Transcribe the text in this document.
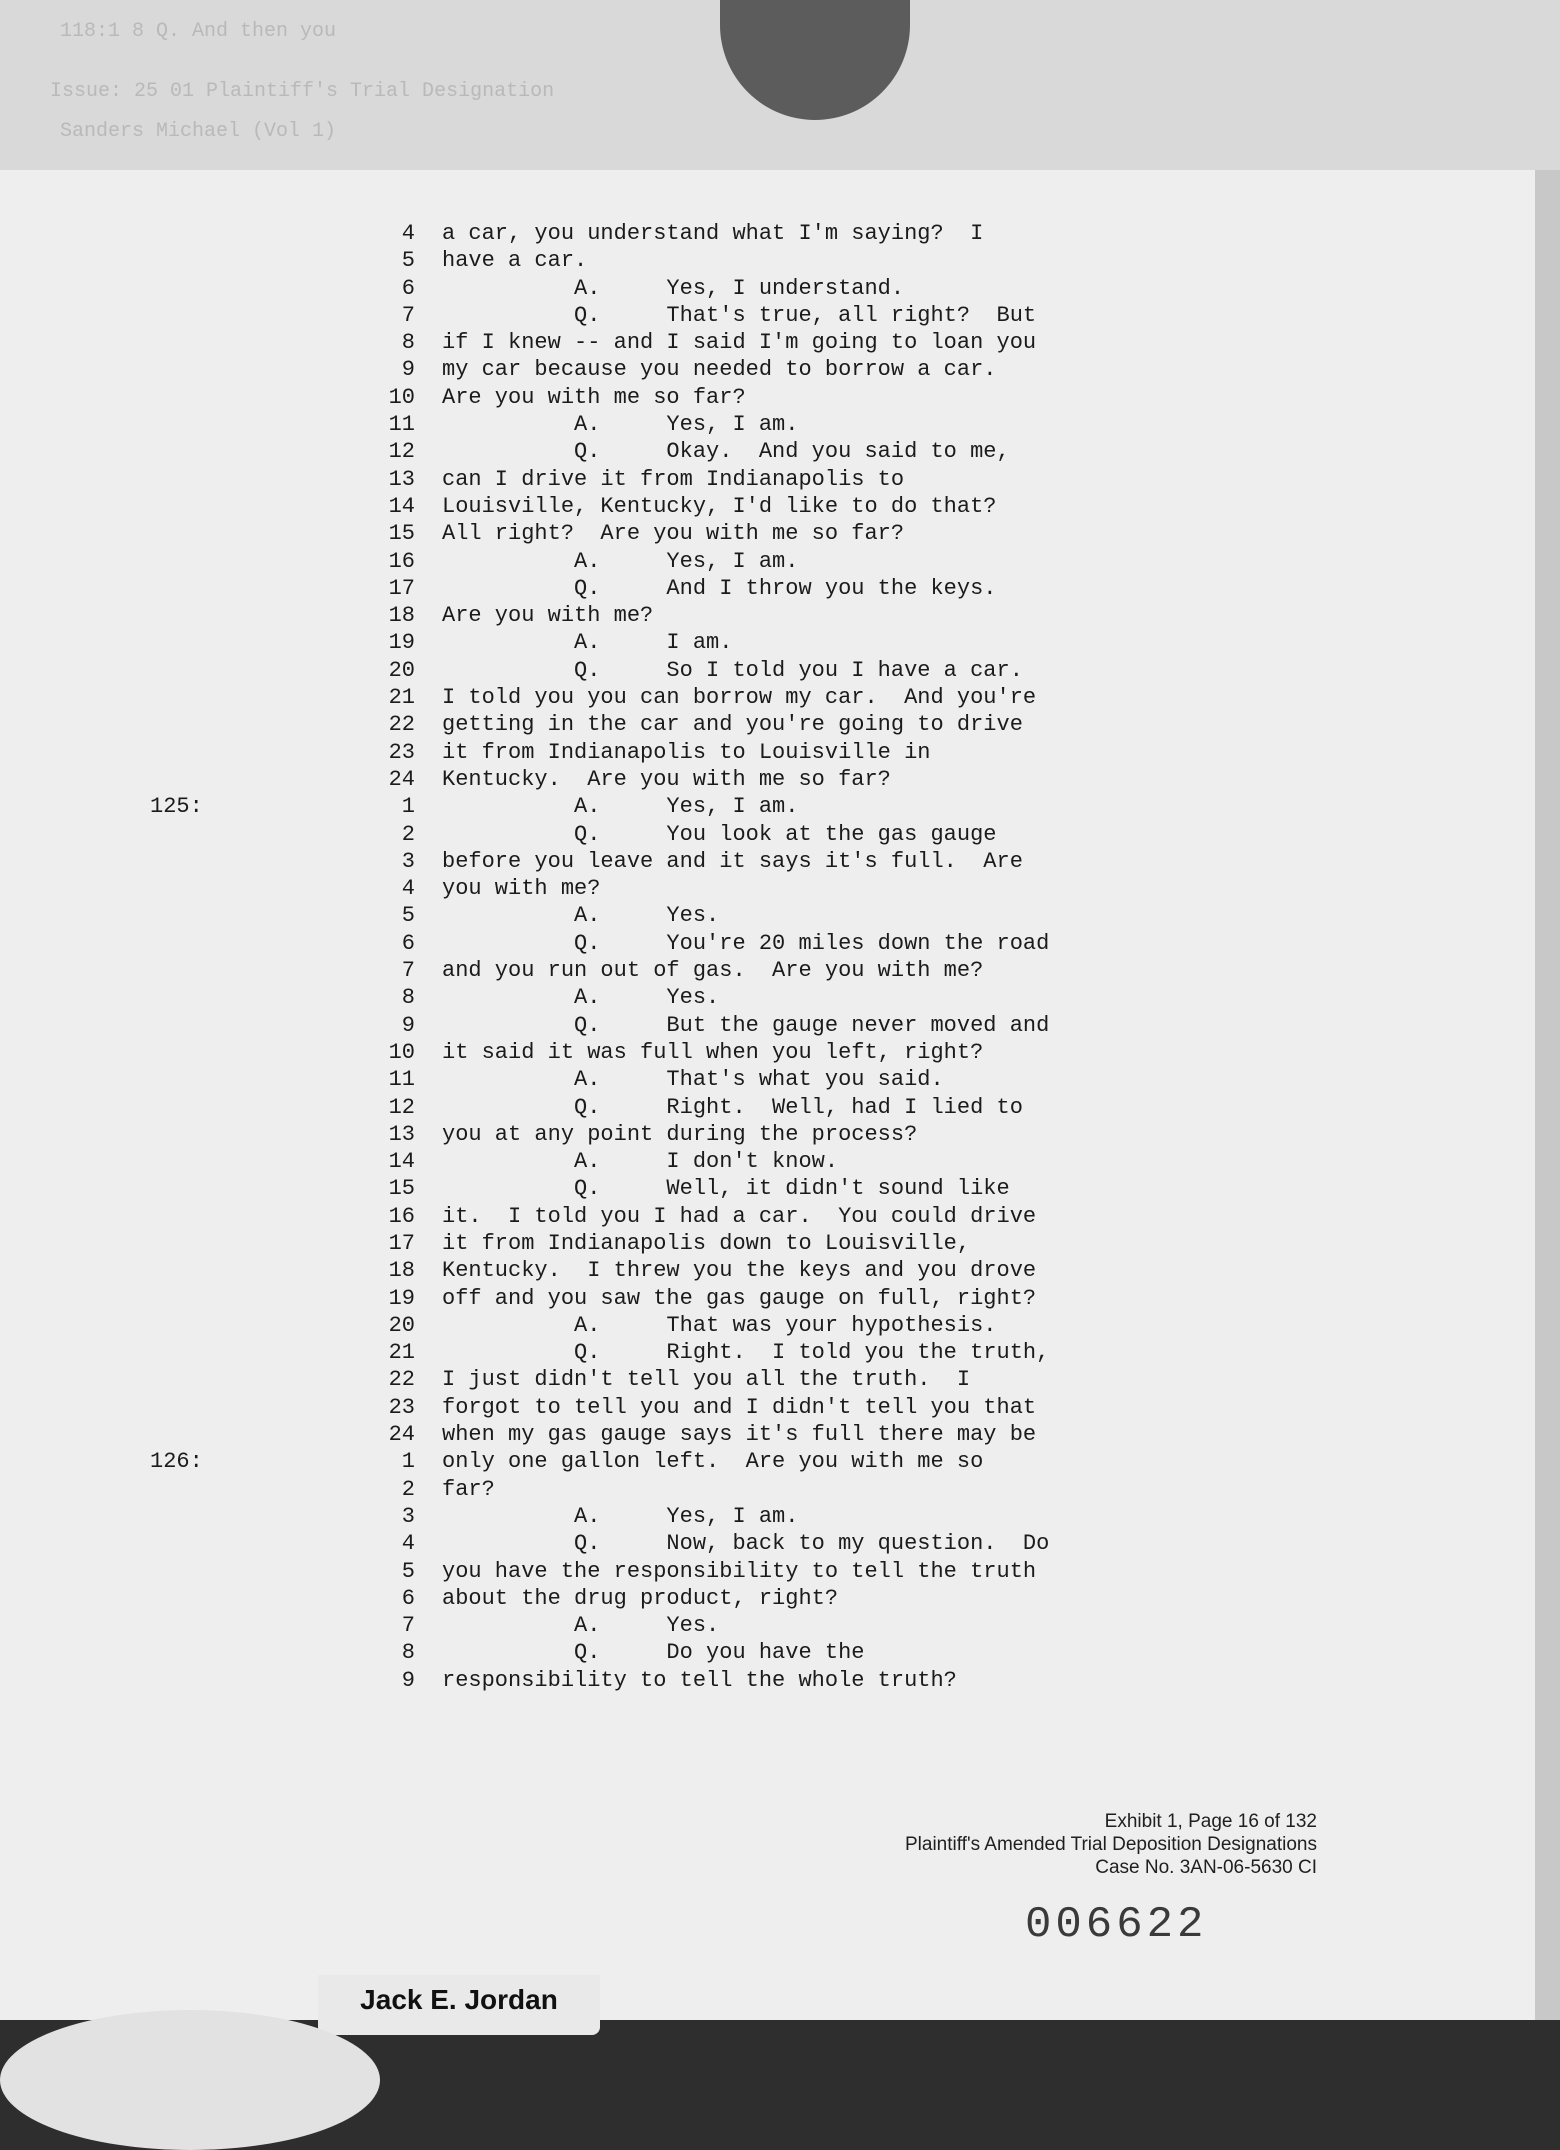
118:1 8 Q. And then you
Issue: 25 01 Plaintiff's Trial Designation
Sanders Michael (Vol 1)
4 a car, you understand what I'm saying?  I
5 have a car.
6 A.     Yes, I understand.
7 Q.     That's true, all right?  But
8 if I knew -- and I said I'm going to loan you
9 my car because you needed to borrow a car.
10 Are you with me so far?
11 A.     Yes, I am.
12 Q.     Okay.  And you said to me,
13 can I drive it from Indianapolis to
14 Louisville, Kentucky, I'd like to do that?
15 All right?  Are you with me so far?
16 A.     Yes, I am.
17 Q.     And I throw you the keys.
18 Are you with me?
19 A.     I am.
20 Q.     So I told you I have a car.
21 I told you you can borrow my car.  And you're
22 getting in the car and you're going to drive
23 it from Indianapolis to Louisville in
24 Kentucky.  Are you with me so far?
125:	1 A.     Yes, I am.
2 Q.     You look at the gas gauge
3 before you leave and it says it's full.  Are
4 you with me?
5 A.     Yes.
6 Q.     You're 20 miles down the road
7 and you run out of gas.  Are you with me?
8 A.     Yes.
9 Q.     But the gauge never moved and
10 it said it was full when you left, right?
11 A.     That's what you said.
12 Q.     Right.  Well, had I lied to
13 you at any point during the process?
14 A.     I don't know.
15 Q.     Well, it didn't sound like
16 it.  I told you I had a car.  You could drive
17 it from Indianapolis down to Louisville,
18 Kentucky.  I threw you the keys and you drove
19 off and you saw the gas gauge on full, right?
20 A.     That was your hypothesis.
21 Q.     Right.  I told you the truth,
22 I just didn't tell you all the truth.  I
23 forgot to tell you and I didn't tell you that
24 when my gas gauge says it's full there may be
126:	1 only one gallon left.  Are you with me so
2 far?
3 A.     Yes, I am.
4 Q.     Now, back to my question.  Do
5 you have the responsibility to tell the truth
6 about the drug product, right?
7 A.     Yes.
8 Q.     Do you have the
9 responsibility to tell the whole truth?
Exhibit 1, Page 16 of 132
Plaintiff's Amended Trial Deposition Designations
Case No. 3AN-06-5630 CI
006622
Jack E. Jordan
